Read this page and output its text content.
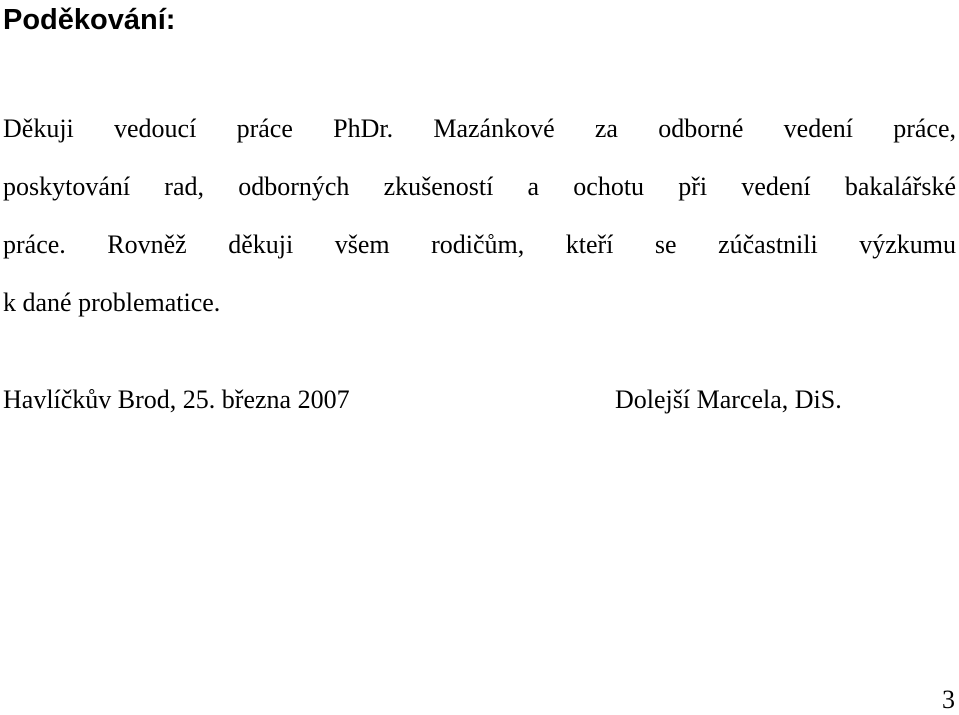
Poděkování:
Děkuji vedoucí práce PhDr. Mazánkové za odborné vedení práce,
poskytování rad, odborných zkušeností a ochotu při vedení bakalářské
práce. Rovněž děkuji všem rodičům, kteří se zúčastnili výzkumu
k dané problematice.
Havlíčkův Brod, 25. března 2007	Dolejší Marcela, DiS.
3
